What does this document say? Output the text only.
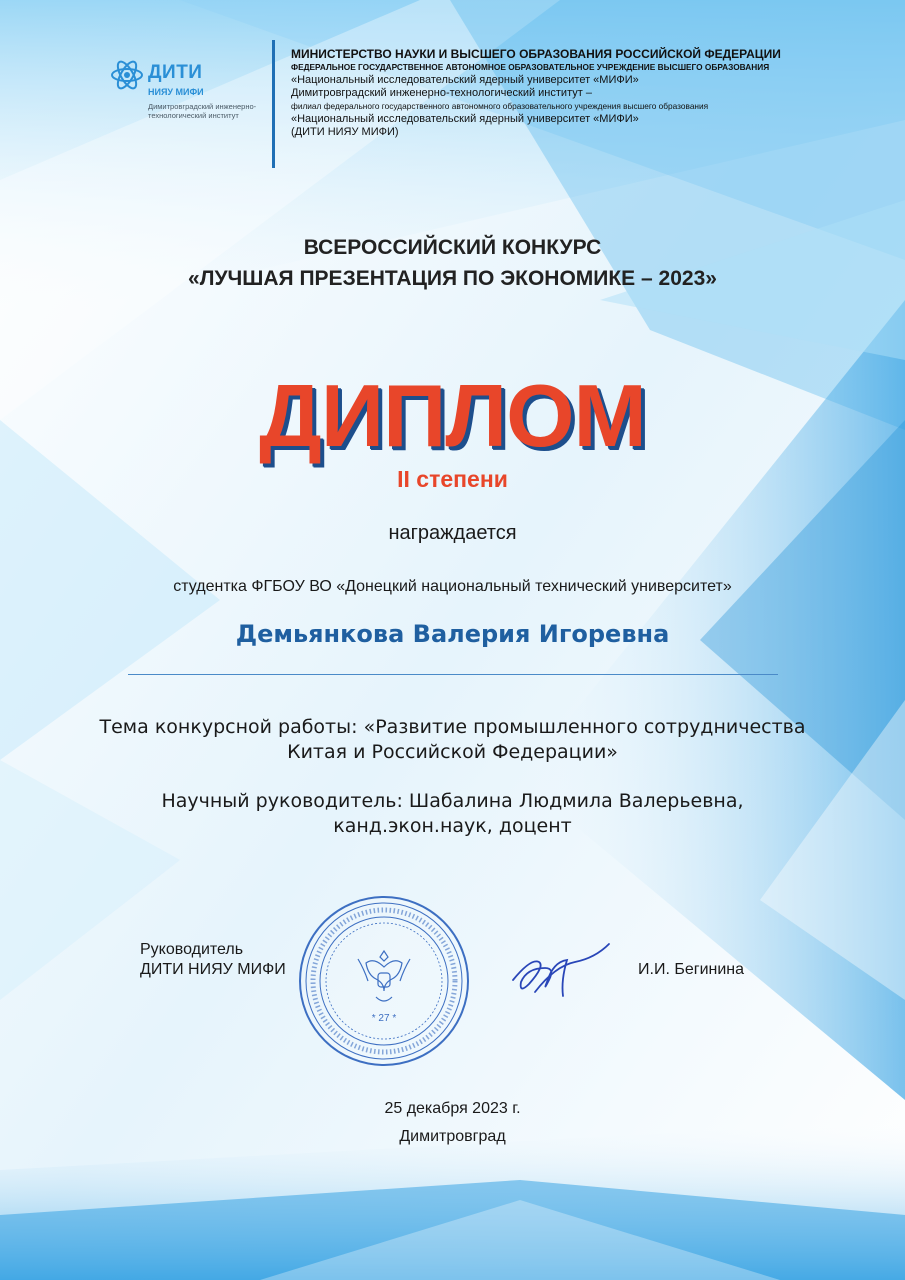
ДИТИ
НИЯУ МИФИ
Димитровградский инженерно-технологический институт
МИНИСТЕРСТВО НАУКИ И ВЫСШЕГО ОБРАЗОВАНИЯ РОССИЙСКОЙ ФЕДЕРАЦИИ
ФЕДЕРАЛЬНОЕ ГОСУДАРСТВЕННОЕ АВТОНОМНОЕ ОБРАЗОВАТЕЛЬНОЕ УЧРЕЖДЕНИЕ ВЫСШЕГО ОБРАЗОВАНИЯ
«Национальный исследовательский ядерный университет «МИФИ»
Димитровградский инженерно-технологический институт –
филиал федерального государственного автономного образовательного учреждения высшего образования
«Национальный исследовательский ядерный университет «МИФИ»
(ДИТИ НИЯУ МИФИ)
ВСЕРОССИЙСКИЙ КОНКУРС
«ЛУЧШАЯ ПРЕЗЕНТАЦИЯ ПО ЭКОНОМИКЕ – 2023»
ДИПЛОМ
II степени
награждается
студентка ФГБОУ ВО «Донецкий национальный технический университет»
Демьянкова Валерия Игоревна
Тема конкурсной работы: «Развитие промышленного сотрудничества
Китая и Российской Федерации»
Научный руководитель: Шабалина Людмила Валерьевна,
канд.экон.наук, доцент
Руководитель
ДИТИ НИЯУ МИФИ
* 27 *
И.И. Бегинина
25 декабря 2023 г.
Димитровград
